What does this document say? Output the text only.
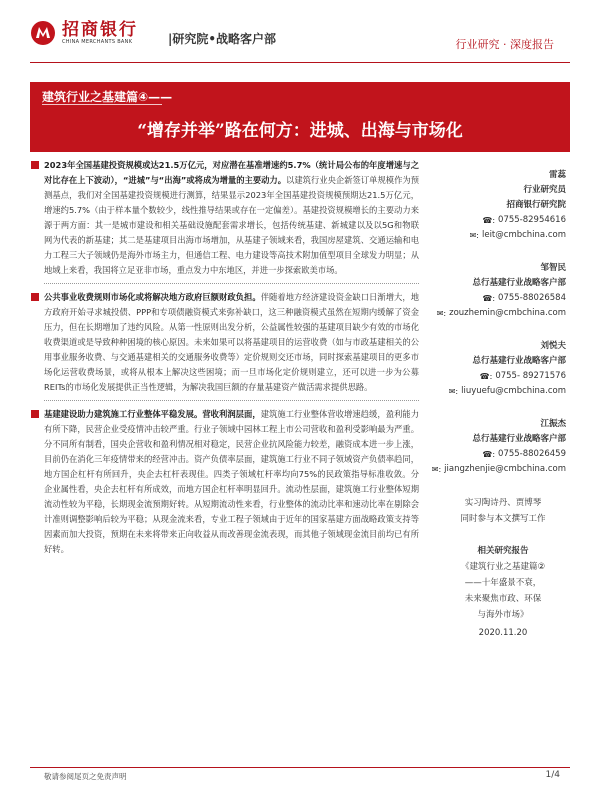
招商银行
CHINA MERCHANTS BANK	|研究院•战略客户部	行业研究 · 深度报告
建筑行业之基建篇④——
“增存并举”路在何方：进城、出海与市场化
2023年全国基建投资规模或达21.5万亿元，对应潜在基准增速约5.7%（统计局公布的年度增速与之对比存在上下波动），“进城”与“出海”或将成为增量的主要动力。以建筑行业央企新签订单规模作为预测基点，我们对全国基建投资规模进行测算，结果显示2023年全国基建投资规模预期达21.5万亿元，增速约5.7%（由于样本量个数较少，线性推导结果或存在一定偏差）。基建投资规模增长的主要动力来源于两方面：其一是城市建设和相关基础设施配套需求增长，包括传统基建、新城建以及以5G和物联网为代表的新基建；其二是基建项目出海市场增加，从基建子领域来看，我国房屋建筑、交通运输和电力工程三大子领域仍是海外市场主力，但通信工程、电力建设等高技术附加值型项目全球发力明显；从地域上来看，我国将立足亚非市场，重点发力中东地区，并进一步探索欧美市场。
公共事业收费规则市场化或将解决地方政府巨额财政负担。伴随着地方经济建设资金缺口日渐增大，地方政府开始寻求城投债、PPP和专项债融资模式来弥补缺口，这三种融资模式虽然在短期内缓解了资金压力，但在长期增加了违约风险。从第一性原则出发分析，公益属性较强的基建项目缺少有效的市场化收费渠道或是导致种种困境的核心原因。未来如果可以将基建项目的运营收费（如与市政基建相关的公用事业服务收费、与交通基建相关的交通服务收费等）定价规则交还市场，同时探索基建项目的更多市场化运营收费场景，或将从根本上解决这些困境；而一旦市场化定价规则建立，还可以进一步为公募REITs的市场化发展提供正当性逻辑，为解决我国巨额的存量基建资产做活需求提供思路。
基建建设助力建筑施工行业整体平稳发展。营收利润层面，建筑施工行业整体营收增速趋缓，盈利能力有所下降，民营企业受疫情冲击较严重。行业子领域中园林工程上市公司营收和盈利受影响最为严重。分不同所有制看，国央企营收和盈利情况相对稳定，民营企业抗风险能力较差，融资成本进一步上涨，目前仍在消化三年疫情带来的经营冲击。资产负债率层面，建筑施工行业不同子领域资产负债率趋同，地方国企杠杆有所回升，央企去杠杆表现佳。四类子领域杠杆率均向75%的民政策指导标准收敛。分企业属性看，央企去杠杆有所成效，而地方国企杠杆率明显回升。流动性层面，建筑施工行业整体短期流动性较为平稳，长期现金流预期好转。从短期流动性来看，行业整体的流动比率和速动比率在剔除会计准则调整影响后较为平稳；从现金流来看，专业工程子领域由于近年的国家基建方面战略政策支持等因素而加大投资，预期在未来将带来正向收益从而改善现金流表现，而其他子领域现金流目前均已有所好转。
雷蕊
行业研究员
招商银行研究院
☎: 0755-82954616
✉: leit@cmbchina.com
邹智民
总行基建行业战略客户部
☎: 0755-88026584
✉: zouzhemin@cmbchina.com
刘悦夫
总行基建行业战略客户部
☎: 0755- 89271576
✉: liuyuefu@cmbchina.com
江振杰
总行基建行业战略客户部
☎: 0755-88026459
✉: jiangzhenjie@cmbchina.com
实习陶诗丹、贾博琴
同时参与本文撰写工作
相关研究报告
《建筑行业之基建篇②
——十年盛景不衰，
未来聚焦市政、环保
与海外市场》
2020.11.20
敬请参阅尾页之免责声明	1/4
